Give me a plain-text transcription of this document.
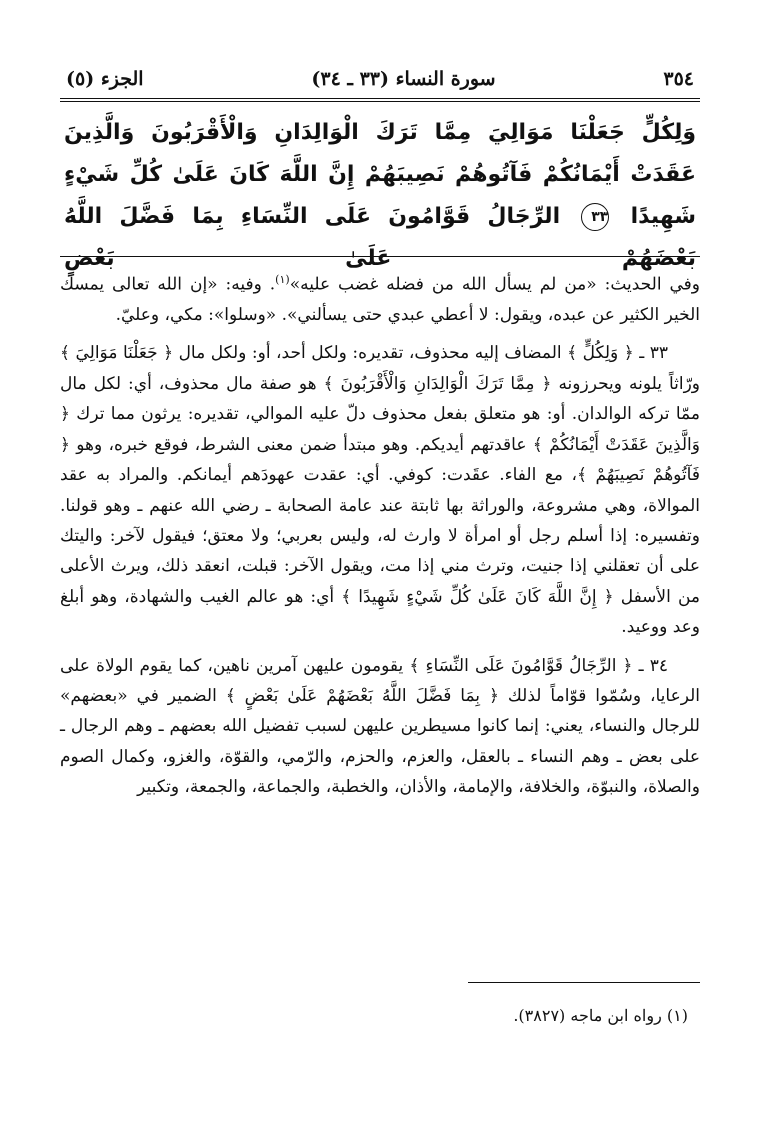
٣٥٤
سورة النساء (٣٣ ـ ٣٤)
الجزء (٥)
وَلِكُلٍّ جَعَلْنَا مَوَالِيَ مِمَّا تَرَكَ الْوَالِدَانِ وَالْأَقْرَبُونَ وَالَّذِينَ عَقَدَتْ أَيْمَانُكُمْ فَآتُوهُمْ نَصِيبَهُمْ إِنَّ اللَّهَ كَانَ عَلَىٰ كُلِّ شَيْءٍ شَهِيدًا ٣٣ الرِّجَالُ قَوَّامُونَ عَلَى النِّسَاءِ بِمَا فَضَّلَ اللَّهُ بَعْضَهُمْ عَلَىٰ بَعْضٍ

وفي الحديث: «من لم يسأل الله من فضله غضب عليه»$^{(١)}$. وفيه: «إن الله تعالى يمسك الخير الكثير عن عبده، ويقول: لا أعطي عبدي حتى يسألني». «وسلوا»: مكي، وعليّ.

٣٣ ـ ﴿ وَلِكُلٍّ ﴾ المضاف إليه محذوف، تقديره: ولكل أحد، أو: ولكل مال ﴿ جَعَلْنَا مَوَالِيَ ﴾ ورّاثاً يلونه ويحرزونه ﴿ مِمَّا تَرَكَ الْوَالِدَانِ وَالْأَقْرَبُونَ ﴾ هو صفة مال محذوف، أي: لكل مال ممّا تركه الوالدان. أو: هو متعلق بفعل محذوف دلّ عليه الموالي، تقديره: يرثون مما ترك ﴿ وَالَّذِينَ عَقَدَتْ أَيْمَانُكُمْ ﴾ عاقدتهم أيديكم. وهو مبتدأ ضمن معنى الشرط، فوقع خبره، وهو ﴿ فَآتُوهُمْ نَصِيبَهُمْ ﴾، مع الفاء. عقَدت: كوفي. أي: عقدت عهودَهم أيمانكم. والمراد به عقد الموالاة، وهي مشروعة، والوراثة بها ثابتة عند عامة الصحابة ـ رضي الله عنهم ـ وهو قولنا. وتفسيره: إذا أسلم رجل أو امرأة لا وارث له، وليس بعربي؛ ولا معتق؛ فيقول لآخر: واليتك على أن تعقلني إذا جنيت، وترث مني إذا مت، ويقول الآخر: قبلت، انعقد ذلك، ويرث الأعلى من الأسفل ﴿ إِنَّ اللَّهَ كَانَ عَلَىٰ كُلِّ شَيْءٍ شَهِيدًا ﴾ أي: هو عالم الغيب والشهادة، وهو أبلغ وعد ووعيد.

٣٤ ـ ﴿ الرِّجَالُ قَوَّامُونَ عَلَى النِّسَاءِ ﴾ يقومون عليهن آمرين ناهين، كما يقوم الولاة على الرعايا، وسُمّوا قوّاماً لذلك ﴿ بِمَا فَضَّلَ اللَّهُ بَعْضَهُمْ عَلَىٰ بَعْضٍ ﴾ الضمير في «بعضهم» للرجال والنساء، يعني: إنما كانوا مسيطرين عليهن لسبب تفضيل الله بعضهم ـ وهم الرجال ـ على بعض ـ وهم النساء ـ بالعقل، والعزم، والحزم، والرّمي، والقوّة، والغزو، وكمال الصوم والصلاة، والنبوّة، والخلافة، والإمامة، والأذان، والخطبة، والجماعة، والجمعة، وتكبير

(١) رواه ابن ماجه (٣٨٢٧).
